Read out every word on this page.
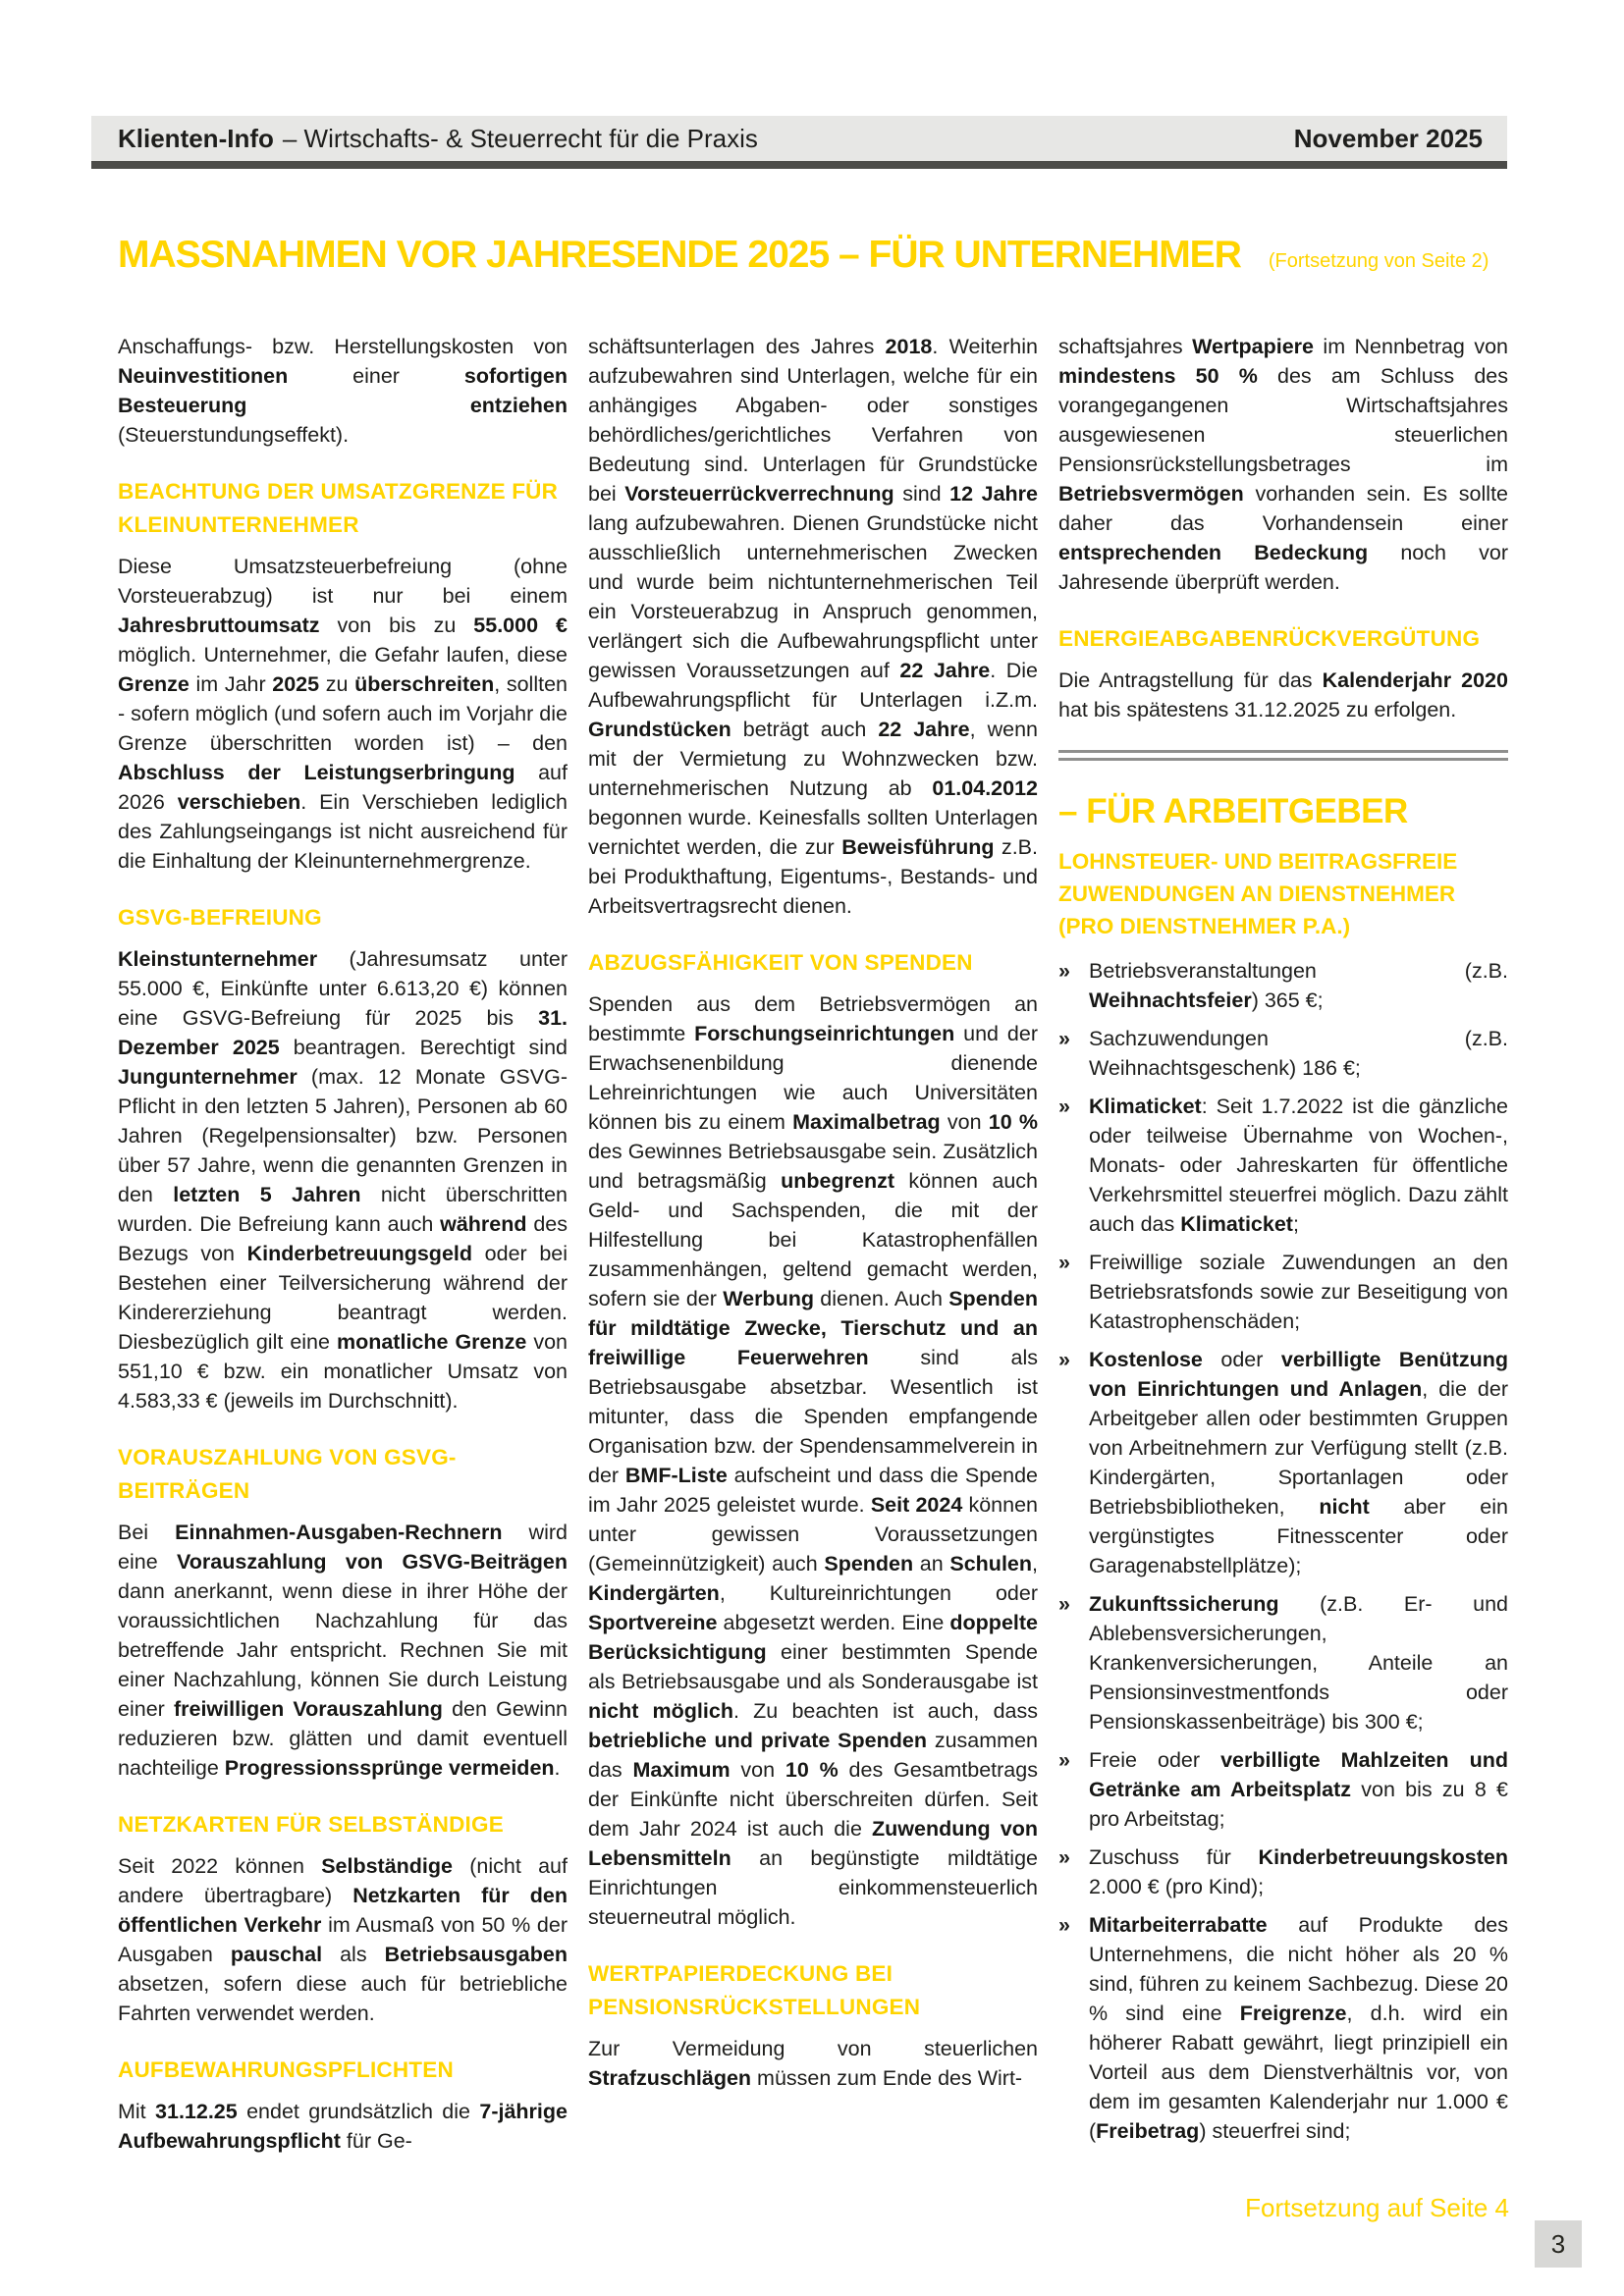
Klienten-Info – Wirtschafts- & Steuerrecht für die Praxis	November 2025
MASSNAHMEN VOR JAHRESENDE 2025 – FÜR UNTERNEHMER (Fortsetzung von Seite 2)

Anschaffungs- bzw. Herstellungskosten von Neuinvestitionen einer sofortigen Besteuerung entziehen (Steuerstundungseffekt).

BEACHTUNG DER UMSATZGRENZE FÜR KLEINUNTERNEHMER

Diese Umsatzsteuerbefreiung (ohne Vorsteuerabzug) ist nur bei einem Jahresbruttoumsatz von bis zu 55.000 € möglich. Unternehmer, die Gefahr laufen, diese Grenze im Jahr 2025 zu überschreiten, sollten - sofern möglich (und sofern auch im Vorjahr die Grenze überschritten worden ist) – den Abschluss der Leistungserbringung auf 2026 verschieben. Ein Verschieben lediglich des Zahlungseingangs ist nicht ausreichend für die Einhaltung der Kleinunternehmergrenze.

GSVG-BEFREIUNG

Kleinstunternehmer (Jahresumsatz unter 55.000 €, Einkünfte unter 6.613,20 €) können eine GSVG-Befreiung für 2025 bis 31. Dezember 2025 beantragen. Berechtigt sind Jungunternehmer (max. 12 Monate GSVG-Pflicht in den letzten 5 Jahren), Personen ab 60 Jahren (Regelpensionsalter) bzw. Personen über 57 Jahre, wenn die genannten Grenzen in den letzten 5 Jahren nicht überschritten wurden. Die Befreiung kann auch während des Bezugs von Kinderbetreuungsgeld oder bei Bestehen einer Teilversicherung während der Kindererziehung beantragt werden. Diesbezüglich gilt eine monatliche Grenze von 551,10 € bzw. ein monatlicher Umsatz von 4.583,33 € (jeweils im Durchschnitt).

VORAUSZAHLUNG VON GSVG-BEITRÄGEN

Bei Einnahmen-Ausgaben-Rechnern wird eine Vorauszahlung von GSVG-Beiträgen dann anerkannt, wenn diese in ihrer Höhe der voraussichtlichen Nachzahlung für das betreffende Jahr entspricht. Rechnen Sie mit einer Nachzahlung, können Sie durch Leistung einer freiwilligen Vorauszahlung den Gewinn reduzieren bzw. glätten und damit eventuell nachteilige Progressionssprünge vermeiden.

NETZKARTEN FÜR SELBSTÄNDIGE

Seit 2022 können Selbständige (nicht auf andere übertragbare) Netzkarten für den öffentlichen Verkehr im Ausmaß von 50 % der Ausgaben pauschal als Betriebsausgaben absetzen, sofern diese auch für betriebliche Fahrten verwendet werden.

AUFBEWAHRUNGSPFLICHTEN

Mit 31.12.25 endet grundsätzlich die 7-jährige Aufbewahrungspflicht für Ge-

schäftsunterlagen des Jahres 2018. Weiterhin aufzubewahren sind Unterlagen, welche für ein anhängiges Abgaben- oder sonstiges behördliches/gerichtliches Verfahren von Bedeutung sind. Unterlagen für Grundstücke bei Vorsteuerrückverrechnung sind 12 Jahre lang aufzubewahren. Dienen Grundstücke nicht ausschließlich unternehmerischen Zwecken und wurde beim nichtunternehmerischen Teil ein Vorsteuerabzug in Anspruch genommen, verlängert sich die Aufbewahrungspflicht unter gewissen Voraussetzungen auf 22 Jahre. Die Aufbewahrungspflicht für Unterlagen i.Z.m. Grundstücken beträgt auch 22 Jahre, wenn mit der Vermietung zu Wohnzwecken bzw. unternehmerischen Nutzung ab 01.04.2012 begonnen wurde. Keinesfalls sollten Unterlagen vernichtet werden, die zur Beweisführung z.B. bei Produkthaftung, Eigentums-, Bestands- und Arbeitsvertragsrecht dienen.

ABZUGSFÄHIGKEIT VON SPENDEN

Spenden aus dem Betriebsvermögen an bestimmte Forschungseinrichtungen und der Erwachsenenbildung dienende Lehreinrichtungen wie auch Universitäten können bis zu einem Maximalbetrag von 10 % des Gewinnes Betriebsausgabe sein. Zusätzlich und betragsmäßig unbegrenzt können auch Geld- und Sachspenden, die mit der Hilfestellung bei Katastrophenfällen zusammenhängen, geltend gemacht werden, sofern sie der Werbung dienen. Auch Spenden für mildtätige Zwecke, Tierschutz und an freiwillige Feuerwehren sind als Betriebsausgabe absetzbar. Wesentlich ist mitunter, dass die Spenden empfangende Organisation bzw. der Spendensammelverein in der BMF-Liste aufscheint und dass die Spende im Jahr 2025 geleistet wurde. Seit 2024 können unter gewissen Voraussetzungen (Gemeinnützigkeit) auch Spenden an Schulen, Kindergärten, Kultureinrichtungen oder Sportvereine abgesetzt werden. Eine doppelte Berücksichtigung einer bestimmten Spende als Betriebsausgabe und als Sonderausgabe ist nicht möglich. Zu beachten ist auch, dass betriebliche und private Spenden zusammen das Maximum von 10 % des Gesamtbetrags der Einkünfte nicht überschreiten dürfen. Seit dem Jahr 2024 ist auch die Zuwendung von Lebensmitteln an begünstigte mildtätige Einrichtungen einkommensteuerlich steuerneutral möglich.

WERTPAPIERDECKUNG BEI PENSIONSRÜCKSTELLUNGEN

Zur Vermeidung von steuerlichen Strafzuschlägen müssen zum Ende des Wirt-

schaftsjahres Wertpapiere im Nennbetrag von mindestens 50 % des am Schluss des vorangegangenen Wirtschaftsjahres ausgewiesenen steuerlichen Pensionsrückstellungsbetrages im Betriebsvermögen vorhanden sein. Es sollte daher das Vorhandensein einer entsprechenden Bedeckung noch vor Jahresende überprüft werden.

ENERGIEABGABENRÜCKVERGÜTUNG

Die Antragstellung für das Kalenderjahr 2020 hat bis spätestens 31.12.2025 zu erfolgen.

– FÜR ARBEITGEBER
LOHNSTEUER- UND BEITRAGSFREIE ZUWENDUNGEN AN DIENSTNEHMER (PRO DIENSTNEHMER P.A.)
» Betriebsveranstaltungen (z.B. Weihnachtsfeier) 365 €;
» Sachzuwendungen (z.B. Weihnachtsgeschenk) 186 €;
» Klimaticket: Seit 1.7.2022 ist die gänzliche oder teilweise Übernahme von Wochen-, Monats- oder Jahreskarten für öffentliche Verkehrsmittel steuerfrei möglich. Dazu zählt auch das Klimaticket;
» Freiwillige soziale Zuwendungen an den Betriebsratsfonds sowie zur Beseitigung von Katastrophenschäden;
» Kostenlose oder verbilligte Benützung von Einrichtungen und Anlagen, die der Arbeitgeber allen oder bestimmten Gruppen von Arbeitnehmern zur Verfügung stellt (z.B. Kindergärten, Sportanlagen oder Betriebsbibliotheken, nicht aber ein vergünstigtes Fitnesscenter oder Garagenabstellplätze);
» Zukunftssicherung (z.B. Er- und Ablebensversicherungen, Krankenversicherungen, Anteile an Pensionsinvestmentfonds oder Pensionskassenbeiträge) bis 300 €;
» Freie oder verbilligte Mahlzeiten und Getränke am Arbeitsplatz von bis zu 8 € pro Arbeitstag;
» Zuschuss für Kinderbetreuungskosten 2.000 € (pro Kind);
» Mitarbeiterrabatte auf Produkte des Unternehmens, die nicht höher als 20 % sind, führen zu keinem Sachbezug. Diese 20 % sind eine Freigrenze, d.h. wird ein höherer Rabatt gewährt, liegt prinzipiell ein Vorteil aus dem Dienstverhältnis vor, von dem im gesamten Kalenderjahr nur 1.000 € (Freibetrag) steuerfrei sind;
Fortsetzung auf Seite 4
3
